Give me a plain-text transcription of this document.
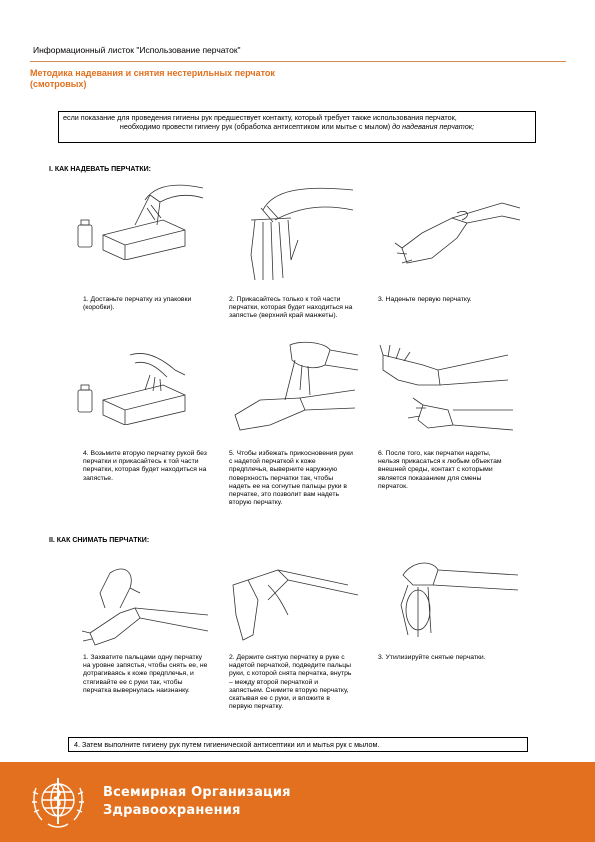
Информационный листок "Использование перчаток"
Методика надевания и снятия нестерильных перчаток
(смотровых)
если показание для проведения гигиены рук предшествует контакту, который требует также использования перчаток,
необходимо провести гигиену рук (обработка антисептиком или мытье с мылом) до надевания перчаток;
I. КАК НАДЕВАТЬ ПЕРЧАТКИ:
1. Достаньте перчатку из упаковки (коробки).
2. Прикасайтесь только к той части перчатки, которая будет находиться на запястье (верхний край манжеты).
3. Наденьте первую перчатку.
4. Возьмите вторую перчатку рукой без перчатки и прикасайтесь к той части перчатки, которая будет находиться на запястье.
5. Чтобы избежать прикосновения руки с надетой перчаткой к коже предплечья, выверните наружную поверхность перчатки так, чтобы надеть ее на согнутые пальцы руки в перчатке, это позволит вам надеть вторую перчатку.
6. После того, как перчатки надеты, нельзя прикасаться к любым объектам внешней среды, контакт с которыми является показанием для смены перчаток.
II. КАК СНИМАТЬ ПЕРЧАТКИ:
1. Захватите пальцами одну перчатку на уровне запястья, чтобы снять ее, не дотрагиваясь к коже предплечья, и стягивайте ее с руки так, чтобы перчатка вывернулась наизнанку.
2. Держите снятую перчатку в руке с надетой перчаткой, подведите пальцы руки, с которой снята перчатка, внутрь – между второй перчаткой и запястьем. Снимите вторую перчатку, скатывая ее с руки, и вложите в первую перчатку.
3. Утилизируйте снятые перчатки.
4. Затем выполните гигиену рук путем гигиенической антисептики ил и мытья рук с мылом.
Всемирная Организация
Здравоохранения
